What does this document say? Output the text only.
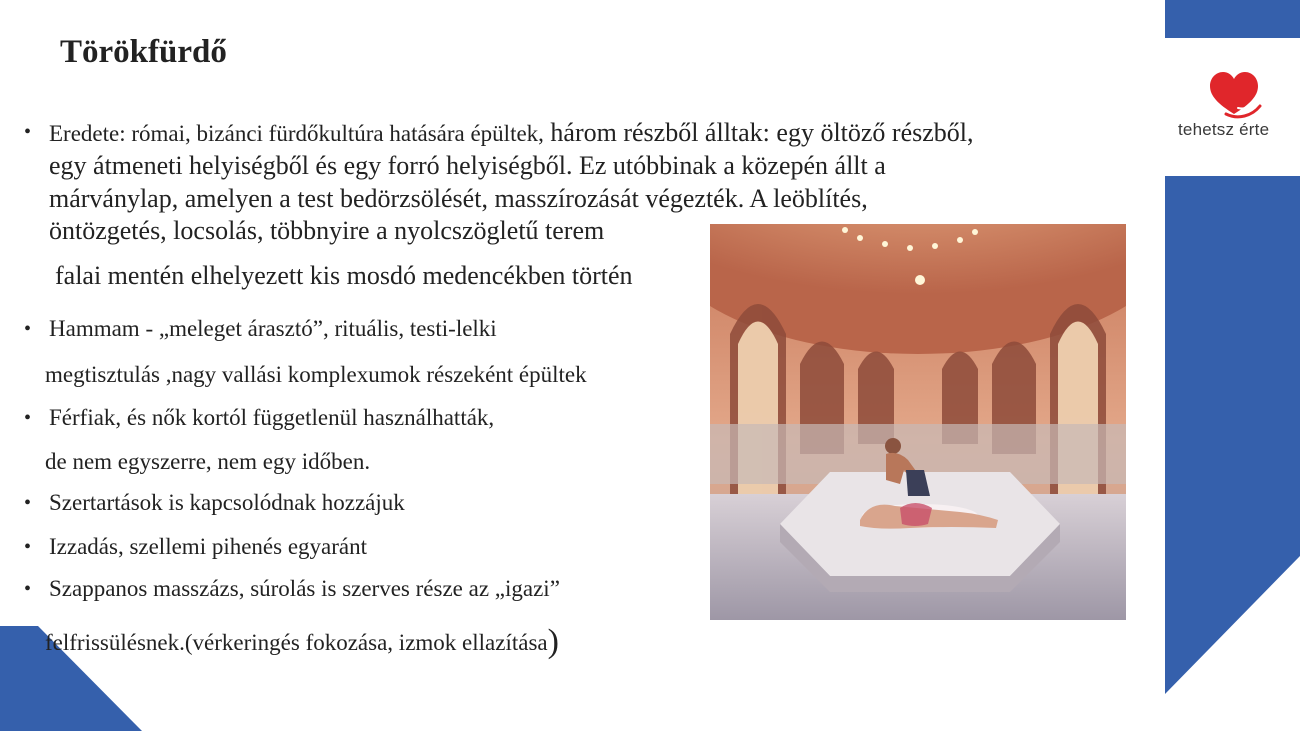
Törökfürdő
tehetsz érte
• Eredete: római, bizánci fürdőkultúra hatására épültek, három részből álltak: egy öltöző részből,
egy átmeneti helyiségből és egy forró helyiségből. Ez utóbbinak a közepén állt a
márványlap, amelyen a test bedörzsölését, masszírozását végezték. A leöblítés,
öntözgetés, locsolás, többnyire a nyolcszögletű terem
falai mentén elhelyezett kis mosdó medencékben történ
• Hammam - „meleget árasztó”, rituális, testi-lelki
megtisztulás ,nagy vallási komplexumok részeként épültek
• Férfiak, és nők kortól függetlenül használhatták,
de nem egyszerre, nem egy időben.
• Szertartások is kapcsolódnak hozzájuk
• Izzadás, szellemi pihenés egyaránt
• Szappanos masszázs, súrolás is szerves része az „igazi”
felfrissülésnek.(vérkeringés fokozása, izmok ellazítása)
